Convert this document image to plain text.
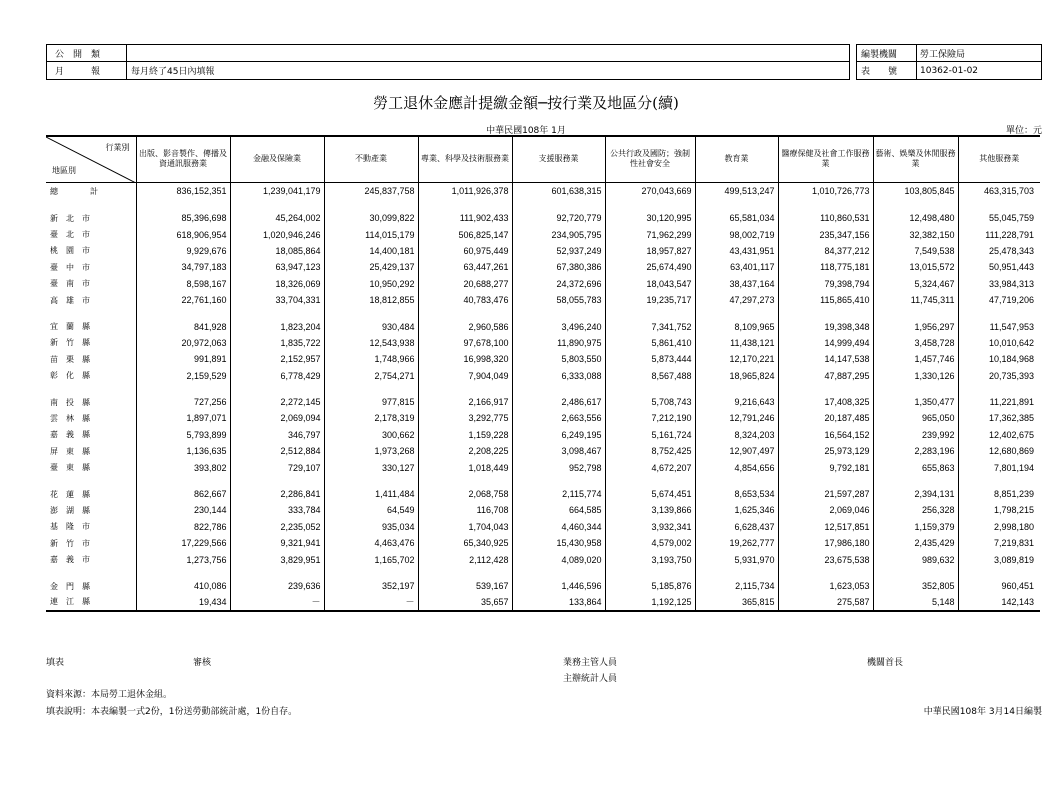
公　開　類
月　　　報	每月終了45日內填報
編製機關	勞工保險局
表　　號	10362-01-02
勞工退休金應計提繳金額─按行業及地區分(續)
中華民國108年 1月	單位：元
行業別
地區別	出版、影音製作、傳播及資通訊服務業	金融及保險業	不動產業	專業、科學及技術服務業	支援服務業	公共行政及國防；強制性社會安全	教育業	醫療保健及社會工作服務業	藝術、娛樂及休閒服務業	其他服務業
總　　　　計	836,152,351	1,239,041,179	245,837,758	1,011,926,378	601,638,315	270,043,669	499,513,247	1,010,726,773	103,805,845	463,315,703

新　北　市	85,396,698	45,264,002	30,099,822	111,902,433	92,720,779	30,120,995	65,581,034	110,860,531	12,498,480	55,045,759
臺　北　市	618,906,954	1,020,946,246	114,015,179	506,825,147	234,905,795	71,962,299	98,002,719	235,347,156	32,382,150	111,228,791
桃　園　市	9,929,676	18,085,864	14,400,181	60,975,449	52,937,249	18,957,827	43,431,951	84,377,212	7,549,538	25,478,343
臺　中　市	34,797,183	63,947,123	25,429,137	63,447,261	67,380,386	25,674,490	63,401,117	118,775,181	13,015,572	50,951,443
臺　南　市	8,598,167	18,326,069	10,950,292	20,688,277	24,372,696	18,043,547	38,437,164	79,398,794	5,324,467	33,984,313
高　雄　市	22,761,160	33,704,331	18,812,855	40,783,476	58,055,783	19,235,717	47,297,273	115,865,410	11,745,311	47,719,206

宜　蘭　縣	841,928	1,823,204	930,484	2,960,586	3,496,240	7,341,752	8,109,965	19,398,348	1,956,297	11,547,953
新　竹　縣	20,972,063	1,835,722	12,543,938	97,678,100	11,890,975	5,861,410	11,438,121	14,999,494	3,458,728	10,010,642
苗　栗　縣	991,891	2,152,957	1,748,966	16,998,320	5,803,550	5,873,444	12,170,221	14,147,538	1,457,746	10,184,968
彰　化　縣	2,159,529	6,778,429	2,754,271	7,904,049	6,333,088	8,567,488	18,965,824	47,887,295	1,330,126	20,735,393

南　投　縣	727,256	2,272,145	977,815	2,166,917	2,486,617	5,708,743	9,216,643	17,408,325	1,350,477	11,221,891
雲　林　縣	1,897,071	2,069,094	2,178,319	3,292,775	2,663,556	7,212,190	12,791,246	20,187,485	965,050	17,362,385
嘉　義　縣	5,793,899	346,797	300,662	1,159,228	6,249,195	5,161,724	8,324,203	16,564,152	239,992	12,402,675
屏　東　縣	1,136,635	2,512,884	1,973,268	2,208,225	3,098,467	8,752,425	12,907,497	25,973,129	2,283,196	12,680,869
臺　東　縣	393,802	729,107	330,127	1,018,449	952,798	4,672,207	4,854,656	9,792,181	655,863	7,801,194

花　蓮　縣	862,667	2,286,841	1,411,484	2,068,758	2,115,774	5,674,451	8,653,534	21,597,287	2,394,131	8,851,239
澎　湖　縣	230,144	333,784	64,549	116,708	664,585	3,139,866	1,625,346	2,069,046	256,328	1,798,215
基　隆　市	822,786	2,235,052	935,034	1,704,043	4,460,344	3,932,341	6,628,437	12,517,851	1,159,379	2,998,180
新　竹　市	17,229,566	9,321,941	4,463,476	65,340,925	15,430,958	4,579,002	19,262,777	17,986,180	2,435,429	7,219,831
嘉　義　市	1,273,756	3,829,951	1,165,702	2,112,428	4,089,020	3,193,750	5,931,970	23,675,538	989,632	3,089,819

金　門　縣	410,086	239,636	352,197	539,167	1,446,596	5,185,876	2,115,734	1,623,053	352,805	960,451
連　江　縣	19,434	－	－	35,657	133,864	1,192,125	365,815	275,587	5,148	142,143
填表	審核	業務主管人員
主辦統計人員
機關首長
資料來源：本局勞工退休金組。
填表說明：本表編製一式2份，1份送勞動部統計處，1份自存。	中華民國108年 3月14日編製
